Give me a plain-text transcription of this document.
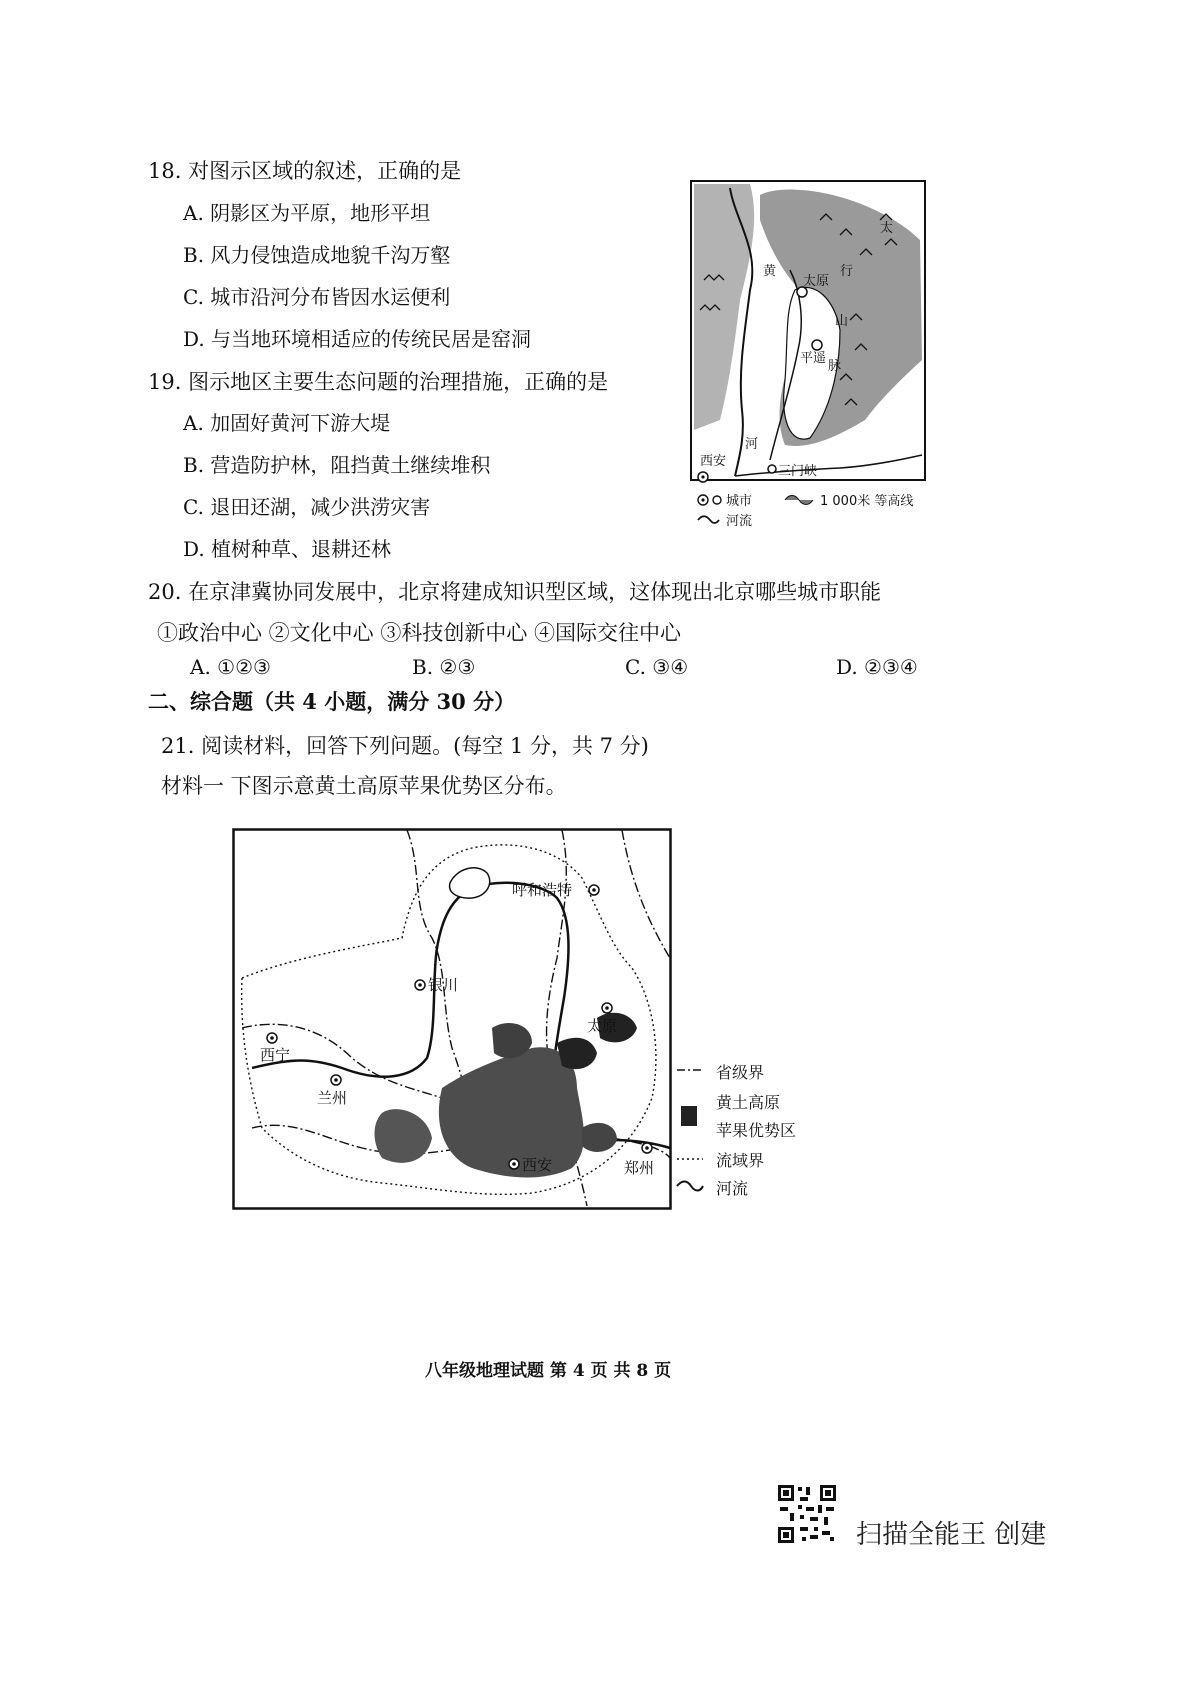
18. 对图示区域的叙述，正确的是
A. 阴影区为平原，地形平坦
B. 风力侵蚀造成地貌千沟万壑
C. 城市沿河分布皆因水运便利
D. 与当地环境相适应的传统民居是窑洞
19. 图示地区主要生态问题的治理措施，正确的是
A. 加固好黄河下游大堤
B. 营造防护林，阻挡黄土继续堆积
C. 退田还湖，减少洪涝灾害
D. 植树种草、退耕还林
20. 在京津冀协同发展中，北京将建成知识型区域，这体现出北京哪些城市职能
①政治中心 ②文化中心 ③科技创新中心 ④国际交往中心
A. ①②③	B. ②③	C. ③④	D. ②③④
二、综合题（共 4 小题，满分 30 分）
21. 阅读材料，回答下列问题。(每空 1 分，共 7 分)
材料一 下图示意黄土高原苹果优势区分布。
太原
平遥
西安
三门峡
黄
河
太
行
山
脉
城市	1 000米 等高线
河流
呼和浩特
银川
太原
西宁
兰州
西安	郑州
省级界
黄土高原
苹果优势区
流域界
河流
八年级地理试题 第 4 页 共 8 页
扫描全能王 创建
